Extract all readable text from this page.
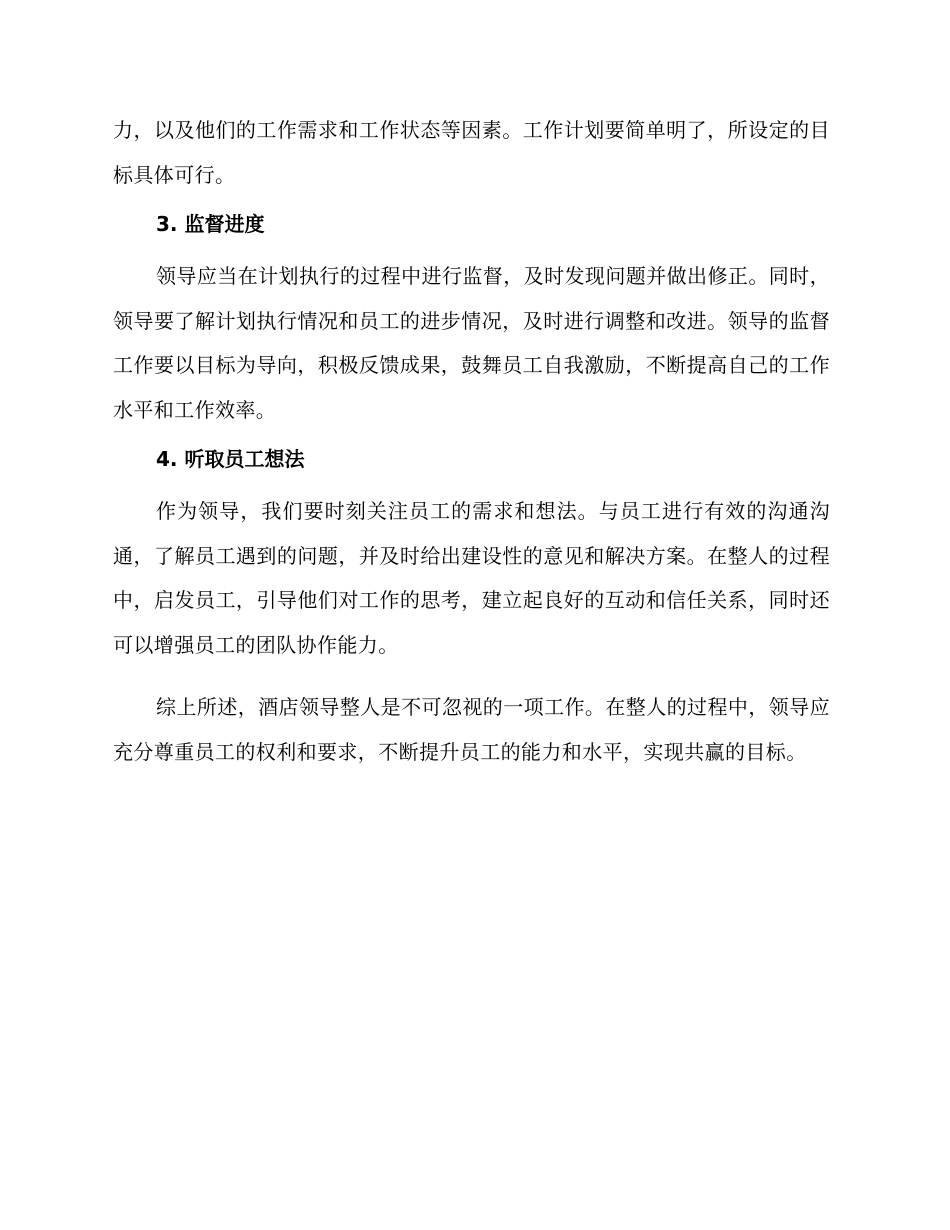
力，以及他们的工作需求和工作状态等因素。工作计划要简单明了，所设定的目标具体可行。

3. 监督进度

领导应当在计划执行的过程中进行监督，及时发现问题并做出修正。同时，领导要了解计划执行情况和员工的进步情况，及时进行调整和改进。领导的监督工作要以目标为导向，积极反馈成果，鼓舞员工自我激励，不断提高自己的工作水平和工作效率。

4. 听取员工想法

作为领导，我们要时刻关注员工的需求和想法。与员工进行有效的沟通沟通，了解员工遇到的问题，并及时给出建设性的意见和解决方案。在整人的过程中，启发员工，引导他们对工作的思考，建立起良好的互动和信任关系，同时还可以增强员工的团队协作能力。

综上所述，酒店领导整人是不可忽视的一项工作。在整人的过程中，领导应充分尊重员工的权利和要求，不断提升员工的能力和水平，实现共赢的目标。
